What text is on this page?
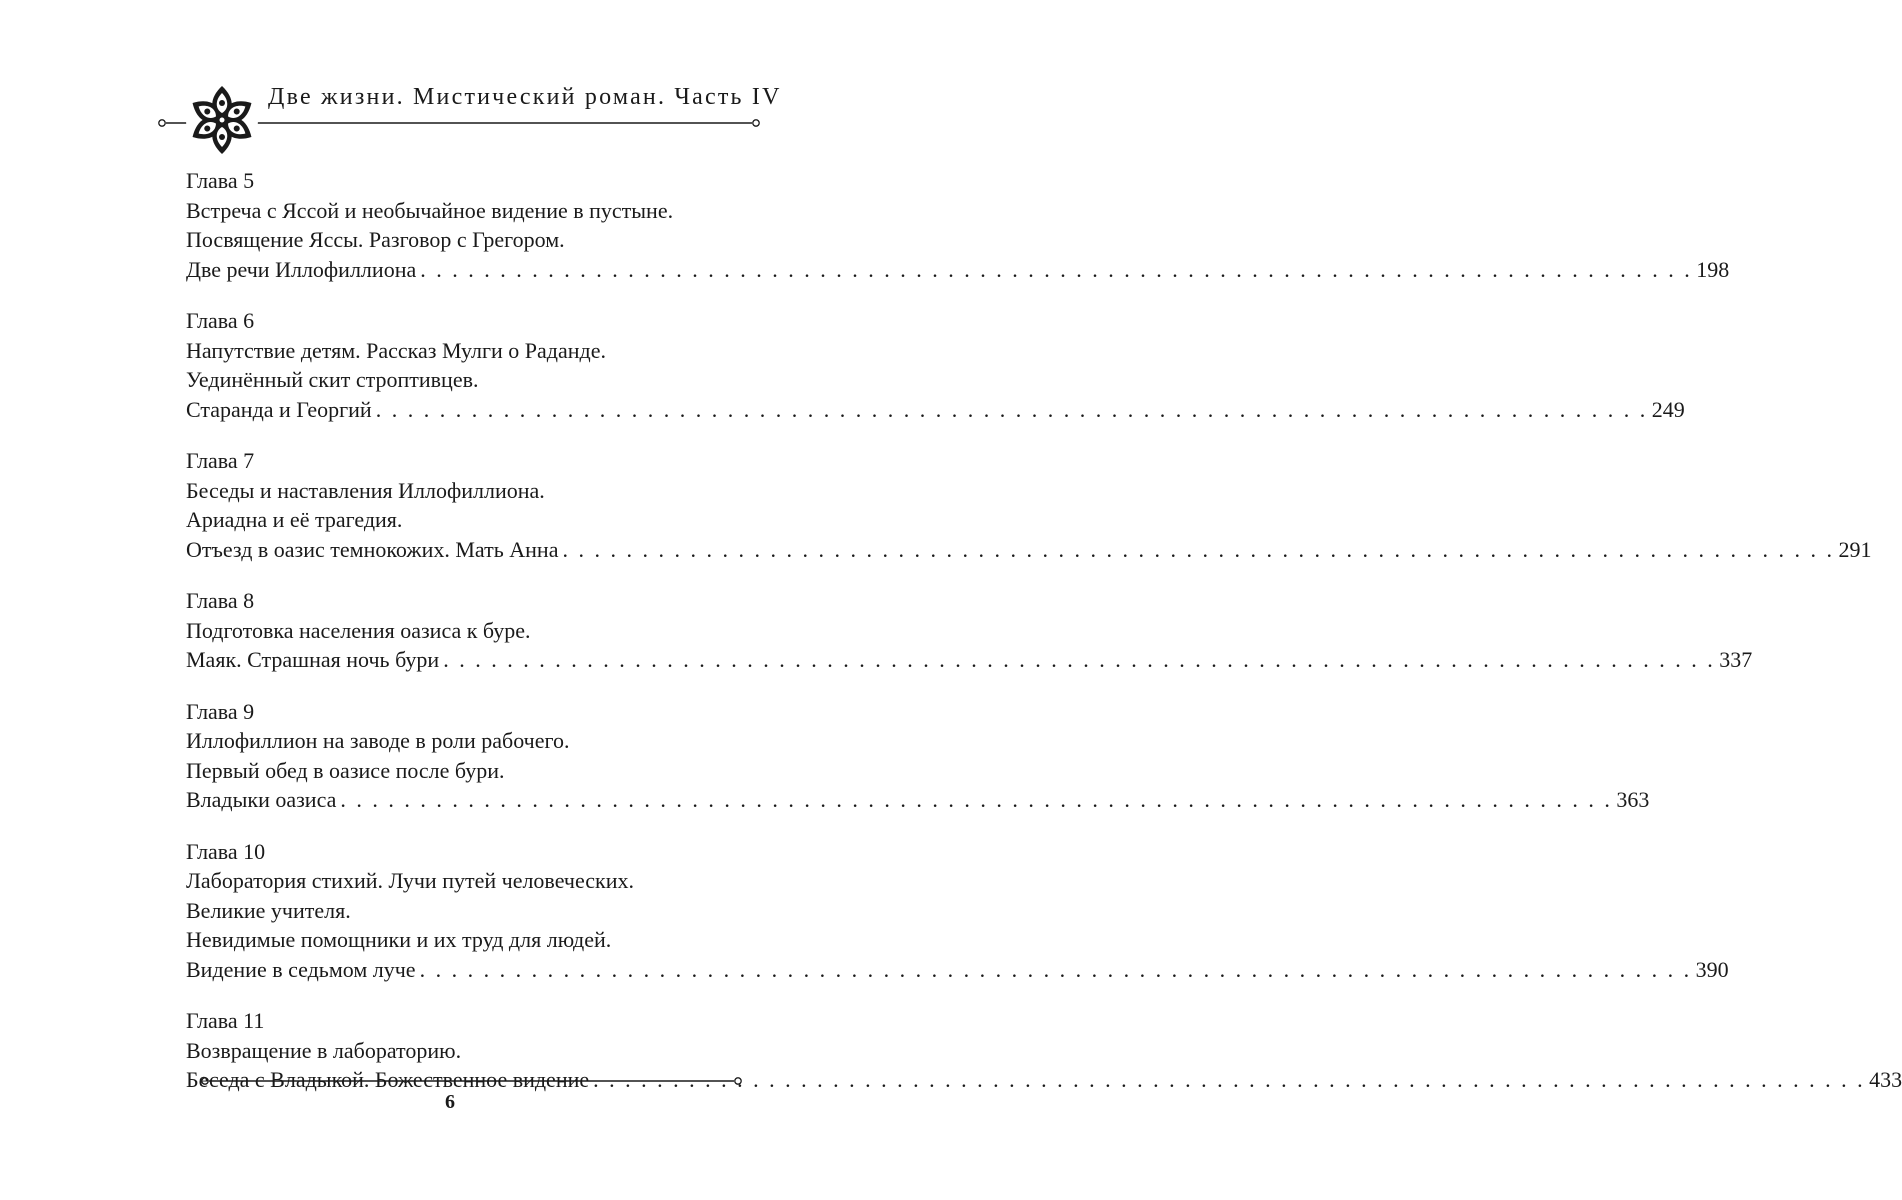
Две жизни. Мистический роман. Часть IV
Глава 5
Встреча с Яссой и необычайное видение в пустыне.
Посвящение Яссы. Разговор с Грегором.
Две речи Иллофиллиона . . . . . . . . . . . . . . . . . . . . . . . . . . . . . . . . . . . . . . . . . . . . . . . . . . . . . . . . . . . . . . . . . . . . . . . . . . . . . . . . 198
Глава 6
Напутствие детям. Рассказ Мулги о Раданде.
Уединённый скит строптивцев.
Старанда и Георгий . . . . . . . . . . . . . . . . . . . . . . . . . . . . . . . . . . . . . . . . . . . . . . . . . . . . . . . . . . . . . . . . . . . . . . . . . . . . . . . . 249
Глава 7
Беседы и наставления Иллофиллиона.
Ариадна и её трагедия.
Отъезд в оазис темнокожих. Мать Анна . . . . . . . . . . . . . . . . . . . . . . . . . . . . . . . . . . . . . . . . . . . . . . . . . . . . . . . . . . . . . . . . . . . . . . . . . . . . . . . . 291
Глава 8
Подготовка населения оазиса к буре.
Маяк. Страшная ночь бури . . . . . . . . . . . . . . . . . . . . . . . . . . . . . . . . . . . . . . . . . . . . . . . . . . . . . . . . . . . . . . . . . . . . . . . . . . . . . . . . 337
Глава 9
Иллофиллион на заводе в роли рабочего.
Первый обед в оазисе после бури.
Владыки оазиса . . . . . . . . . . . . . . . . . . . . . . . . . . . . . . . . . . . . . . . . . . . . . . . . . . . . . . . . . . . . . . . . . . . . . . . . . . . . . . . . 363
Глава 10
Лаборатория стихий. Лучи путей человеческих.
Великие учителя.
Невидимые помощники и их труд для людей.
Видение в седьмом луче . . . . . . . . . . . . . . . . . . . . . . . . . . . . . . . . . . . . . . . . . . . . . . . . . . . . . . . . . . . . . . . . . . . . . . . . . . . . . . . . 390
Глава 11
Возвращение в лабораторию.
Беседа с Владыкой. Божественное видение . . . . . . . . . . . . . . . . . . . . . . . . . . . . . . . . . . . . . . . . . . . . . . . . . . . . . . . . . . . . . . . . . . . . . . . . . . . . . . . . 433
6
